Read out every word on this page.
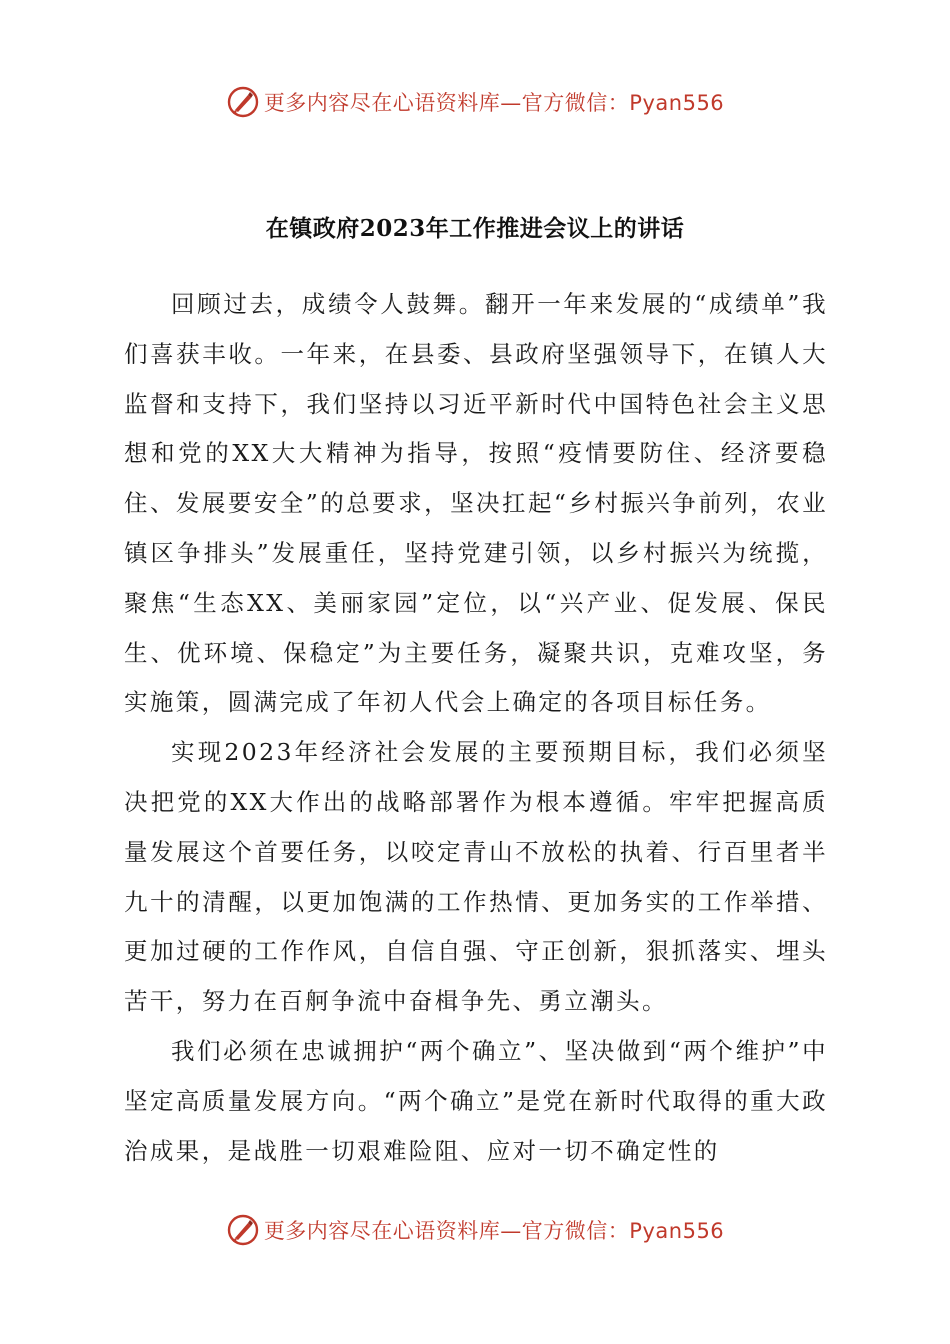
更多内容尽在心语资料库—官方微信：Pyan556
在镇政府2023年工作推进会议上的讲话

回顾过去，成绩令人鼓舞。翻开一年来发展的“成绩单”我们喜获丰收。一年来，在县委、县政府坚强领导下，在镇人大监督和支持下，我们坚持以习近平新时代中国特色社会主义思想和党的XX大大精神为指导，按照“疫情要防住、经济要稳住、发展要安全”的总要求，坚决扛起“乡村振兴争前列，农业镇区争排头”发展重任，坚持党建引领，以乡村振兴为统揽，聚焦“生态XX、美丽家园”定位，以“兴产业、促发展、保民生、优环境、保稳定”为主要任务，凝聚共识，克难攻坚，务实施策，圆满完成了年初人代会上确定的各项目标任务。

实现2023年经济社会发展的主要预期目标，我们必须坚决把党的XX大作出的战略部署作为根本遵循。牢牢把握高质量发展这个首要任务，以咬定青山不放松的执着、行百里者半九十的清醒，以更加饱满的工作热情、更加务实的工作举措、更加过硬的工作作风，自信自强、守正创新，狠抓落实、埋头苦干，努力在百舸争流中奋楫争先、勇立潮头。

我们必须在忠诚拥护“两个确立”、坚决做到“两个维护”中坚定高质量发展方向。“两个确立”是党在新时代取得的重大政治成果，是战胜一切艰难险阻、应对一切不确定性的

更多内容尽在心语资料库—官方微信：Pyan556
